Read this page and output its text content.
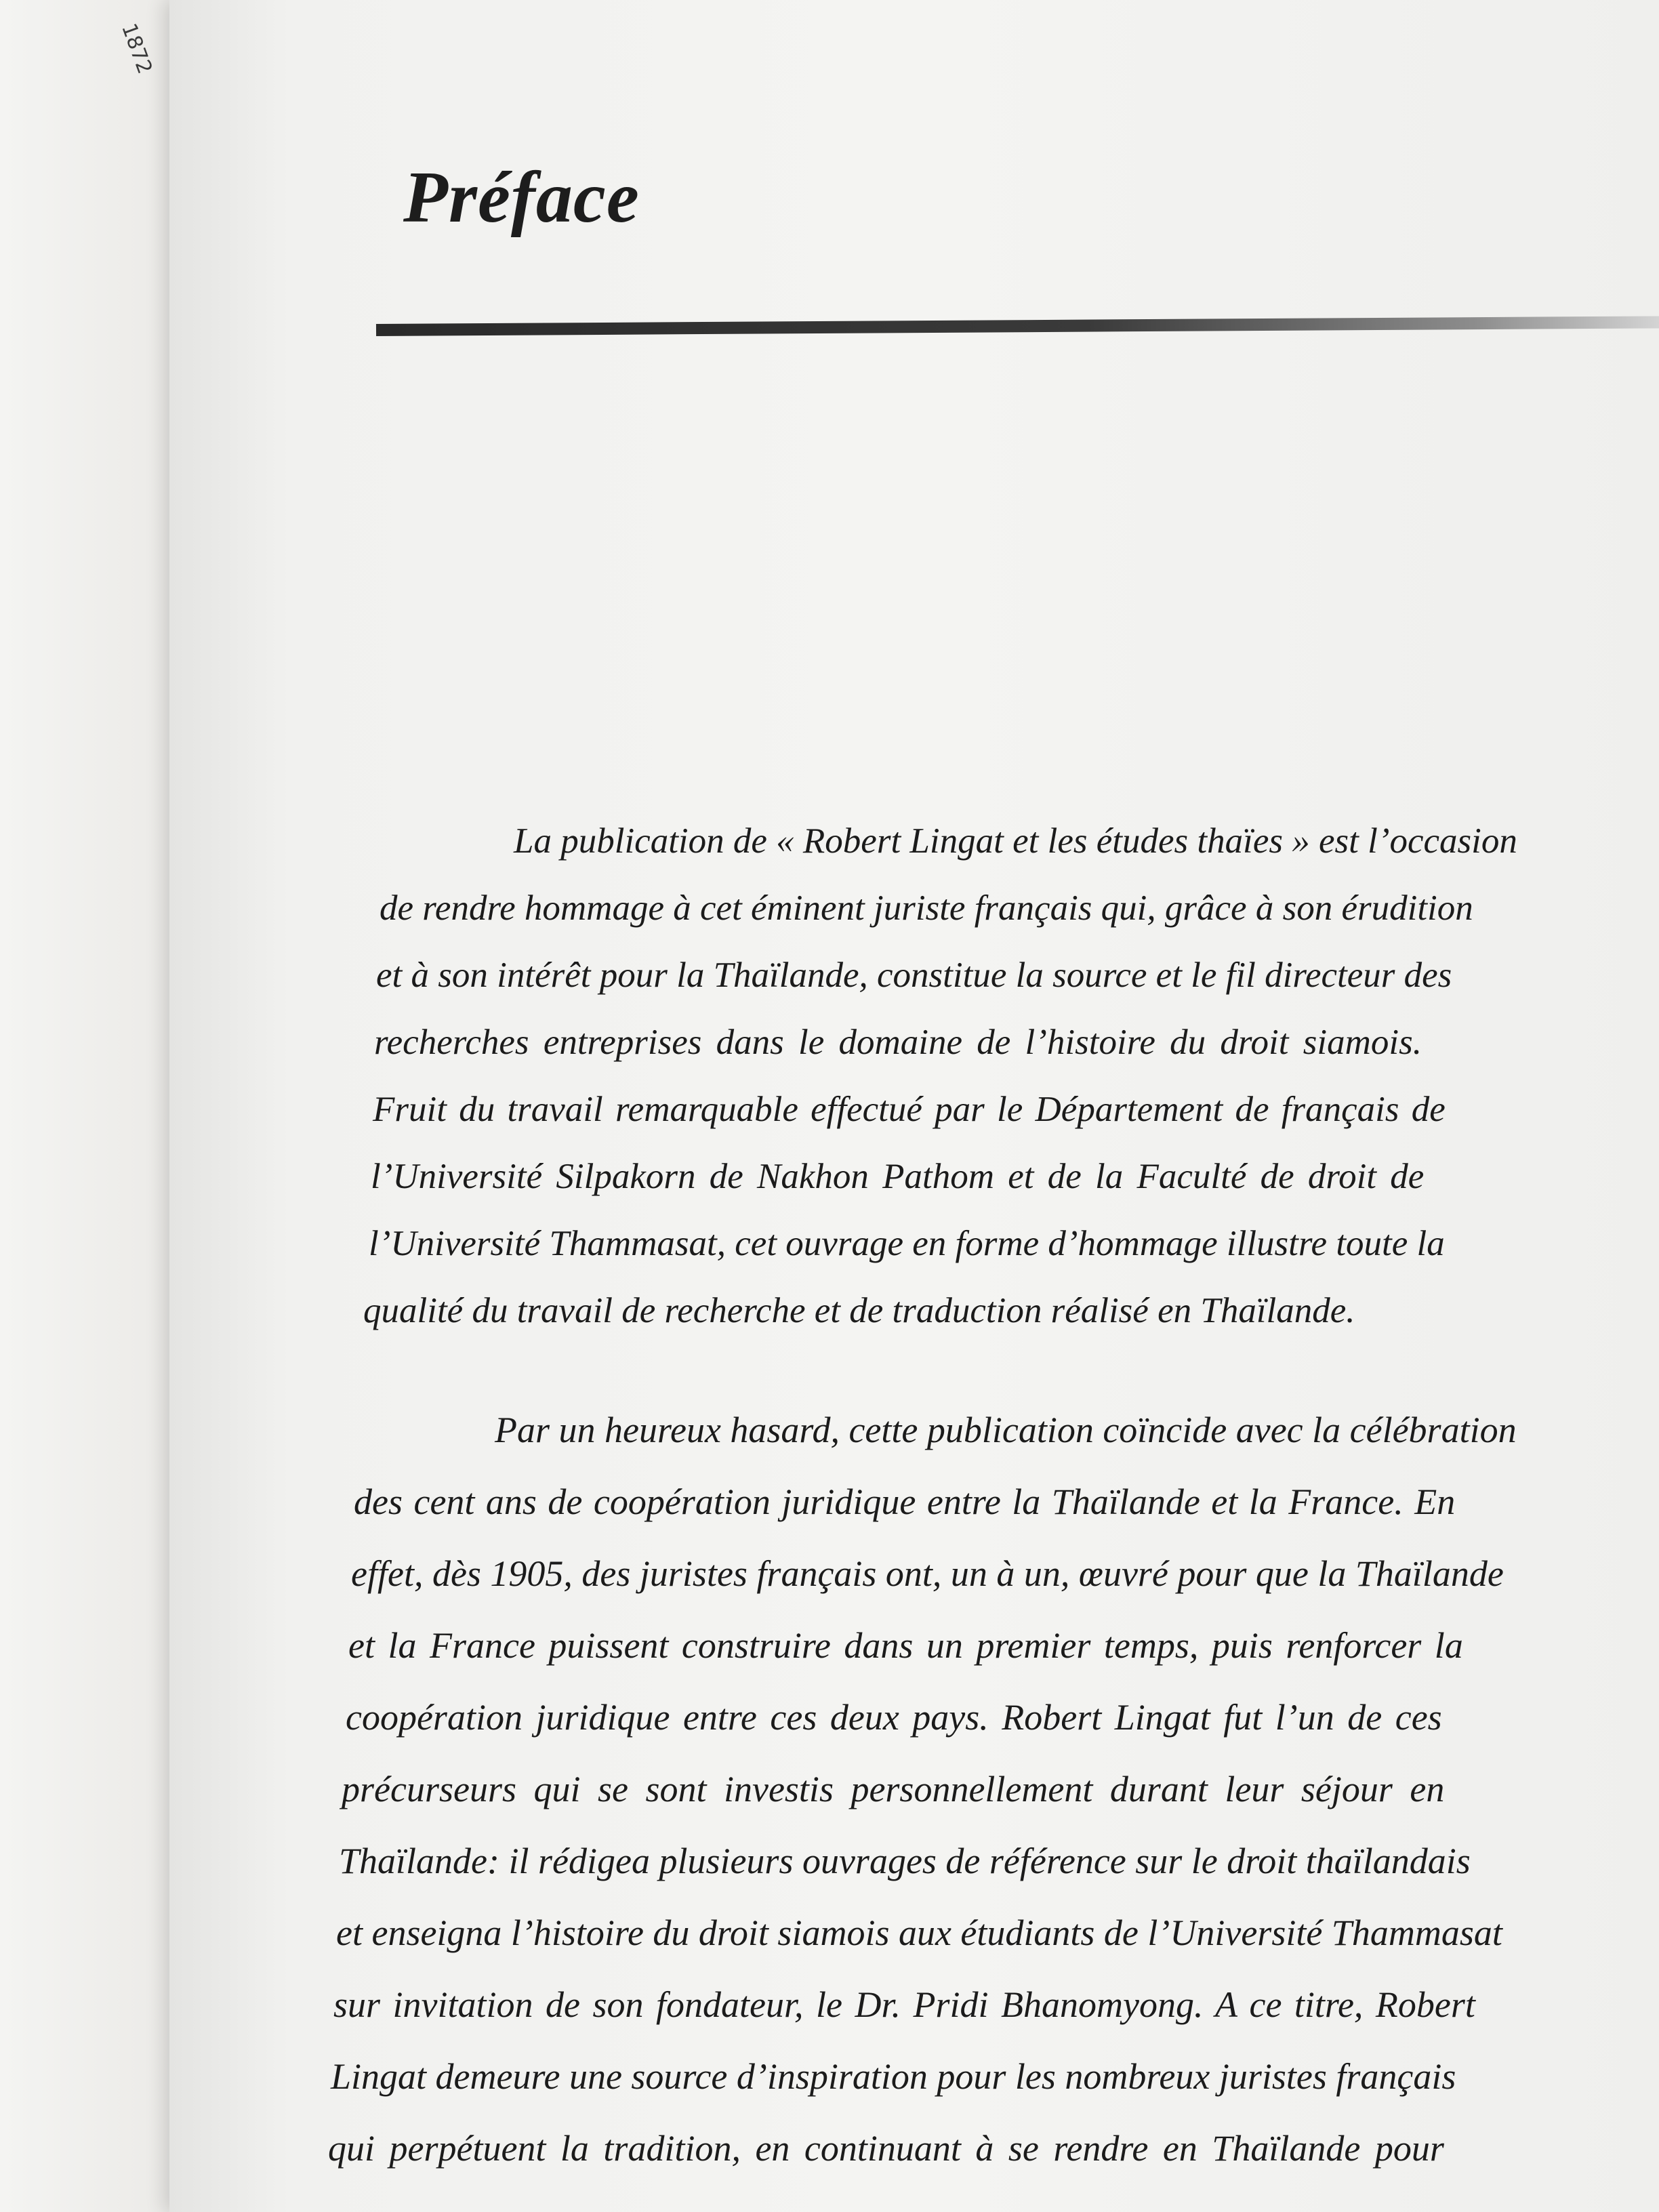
1872
Préface
La publication de « Robert Lingat et les études thaïes » est l’occasion
de rendre hommage à cet éminent juriste français qui, grâce à son érudition
et à son intérêt pour la Thaïlande, constitue la source et le fil directeur des
recherches entreprises dans le domaine de l’histoire du droit siamois.
Fruit du travail remarquable effectué par le Département de français de
l’Université Silpakorn de Nakhon Pathom et de la Faculté de droit de
l’Université Thammasat, cet ouvrage en forme d’hommage illustre toute la
qualité du travail de recherche et de traduction réalisé en Thaïlande.
Par un heureux hasard, cette publication coïncide avec la célébration
des cent ans de coopération juridique entre la Thaïlande et la France. En
effet, dès 1905, des juristes français ont, un à un, œuvré pour que la Thaïlande
et la France puissent construire dans un premier temps, puis renforcer la
coopération juridique entre ces deux pays. Robert Lingat fut l’un de ces
précurseurs qui se sont investis personnellement durant leur séjour en
Thaïlande: il rédigea plusieurs ouvrages de référence sur le droit thaïlandais
et enseigna l’histoire du droit siamois aux étudiants de l’Université Thammasat
sur invitation de son fondateur, le Dr. Pridi Bhanomyong. A ce titre, Robert
Lingat demeure une source d’inspiration pour les nombreux juristes français
qui perpétuent la tradition, en continuant à se rendre en Thaïlande pour
